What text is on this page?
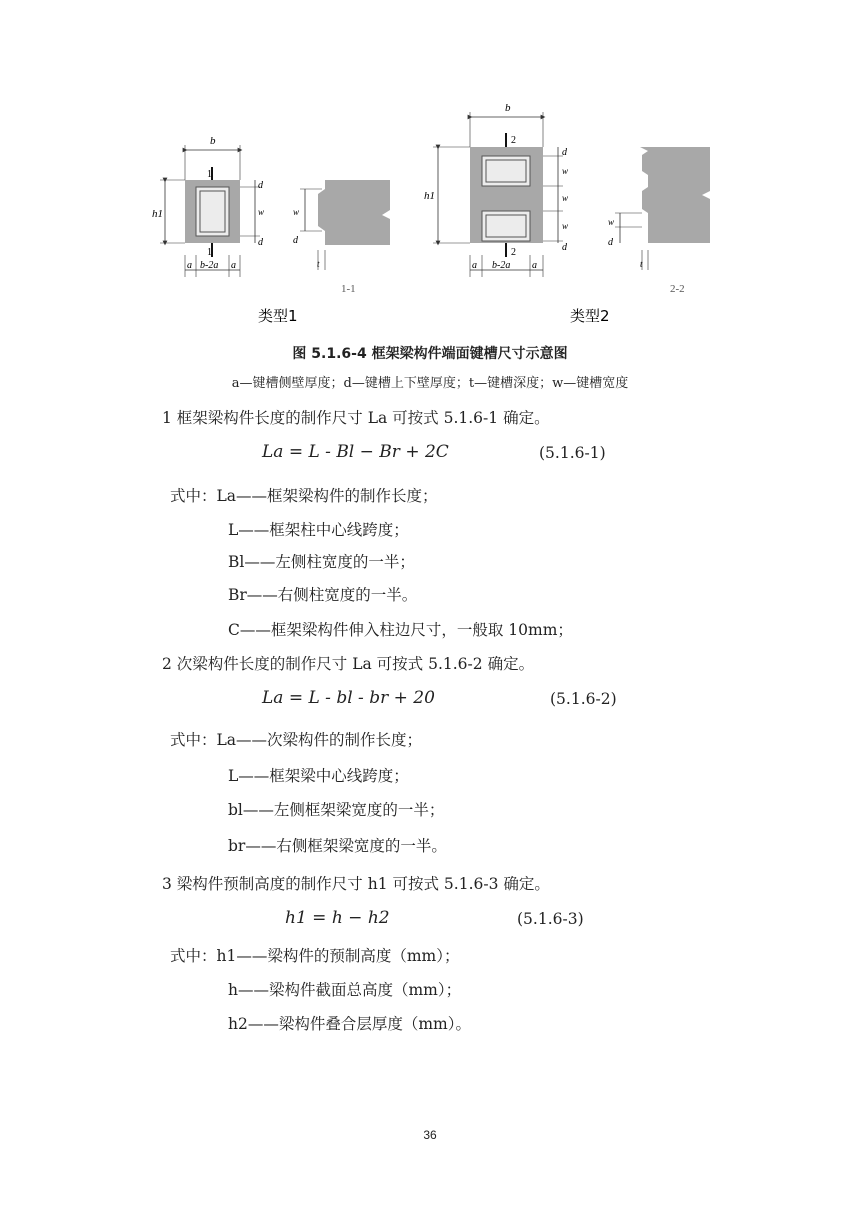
b
h1
1
1
d
w
d
a b-2a a
w
d
t
1-1
b
h1
2
2
d
w
w
w
d
a b-2a a
w
d
t
2-2
类型1	类型2
图 5.1.6-4 框架梁构件端面键槽尺寸示意图
a—键槽侧壁厚度；d—键槽上下壁厚度；t—键槽深度；w—键槽宽度
1 框架梁构件长度的制作尺寸 La 可按式 5.1.6-1 确定。
La = L - Bl − Br + 2C	(5.1.6-1)
式中：La——框架梁构件的制作长度；
L——框架柱中心线跨度；
Bl——左侧柱宽度的一半；
Br——右侧柱宽度的一半。
C——框架梁构件伸入柱边尺寸，一般取 10mm；
2 次梁构件长度的制作尺寸 La 可按式 5.1.6-2 确定。
La = L - bl - br + 20	(5.1.6-2)
式中：La——次梁构件的制作长度；
L——框架梁中心线跨度；
bl——左侧框架梁宽度的一半；
br——右侧框架梁宽度的一半。
3 梁构件预制高度的制作尺寸 h1 可按式 5.1.6-3 确定。
h1 = h − h2	(5.1.6-3)
式中：h1——梁构件的预制高度（mm）；
h——梁构件截面总高度（mm）；
h2——梁构件叠合层厚度（mm）。
36
